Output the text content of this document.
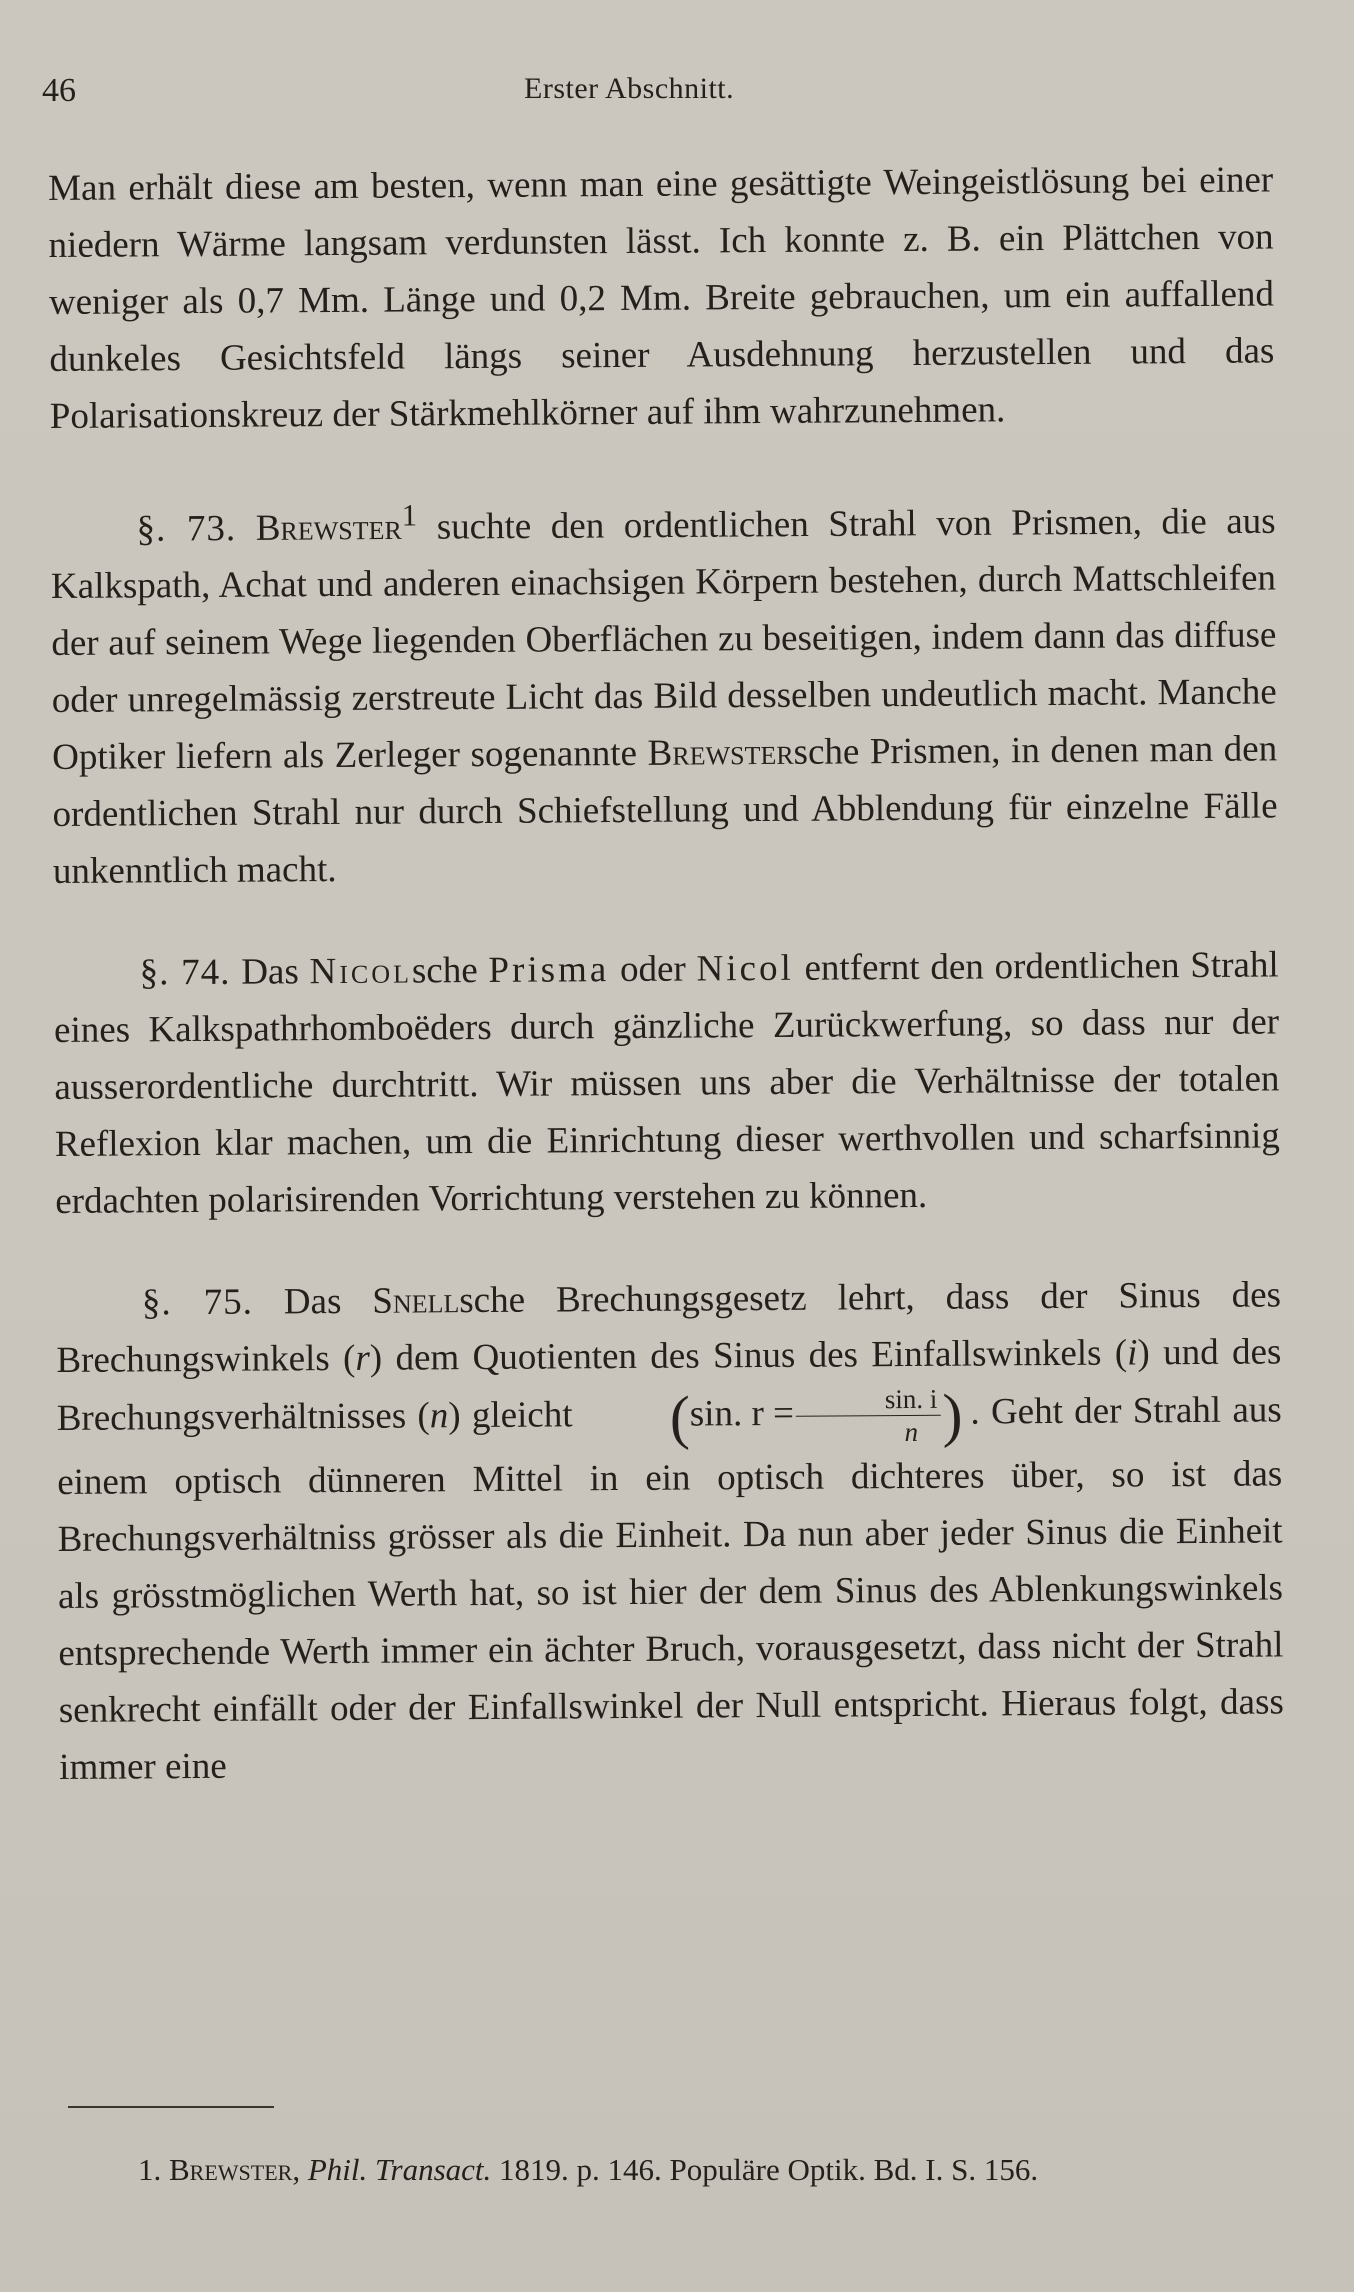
46	Erster Abschnitt.

Man erhält diese am besten, wenn man eine gesättigte Weingeistlösung bei einer niedern Wärme langsam verdunsten lässt. Ich konnte z. B. ein Plättchen von weniger als 0,7 Mm. Länge und 0,2 Mm. Breite gebrauchen, um ein auffallend dunkeles Gesichtsfeld längs seiner Ausdehnung herzustellen und das Polarisationskreuz der Stärkmehlkörner auf ihm wahrzunehmen.

§. 73. Brewster$^1$ suchte den ordentlichen Strahl von Prismen, die aus Kalkspath, Achat und anderen einachsigen Körpern bestehen, durch Mattschleifen der auf seinem Wege liegenden Oberflächen zu beseitigen, indem dann das diffuse oder unregelmässig zerstreute Licht das Bild desselben undeutlich macht. Manche Optiker liefern als Zerleger sogenannte Brewstersche Prismen, in denen man den ordentlichen Strahl nur durch Schiefstellung und Abblendung für einzelne Fälle unkenntlich macht.

§. 74. Das Nicolsche Prisma oder Nicol entfernt den ordentlichen Strahl eines Kalkspathrhomboëders durch gänzliche Zurückwerfung, so dass nur der ausserordentliche durchtritt. Wir müssen uns aber die Verhältnisse der totalen Reflexion klar machen, um die Einrichtung dieser werthvollen und scharfsinnig erdachten polarisirenden Vorrichtung verstehen zu können.

§. 75. Das Snellsche Brechungsgesetz lehrt, dass der Sinus des Brechungswinkels (r) dem Quotienten des Sinus des Einfallswinkels (i) und des Brechungsverhältnisses (n) gleicht (sin. $r = \frac{\sin. i}{n}$ ) . Geht der Strahl aus einem optisch dünneren Mittel in ein optisch dichteres über, so ist das Brechungsverhältniss grösser als die Einheit. Da nun aber jeder Sinus die Einheit als grösstmöglichen Werth hat, so ist hier der dem Sinus des Ablenkungswinkels entsprechende Werth immer ein ächter Bruch, vorausgesetzt, dass nicht der Strahl senkrecht einfällt oder der Einfallswinkel der Null entspricht. Hieraus folgt, dass immer eine

1. Brewster, Phil. Transact. 1819. p. 146. Populäre Optik. Bd. I. S. 156.
